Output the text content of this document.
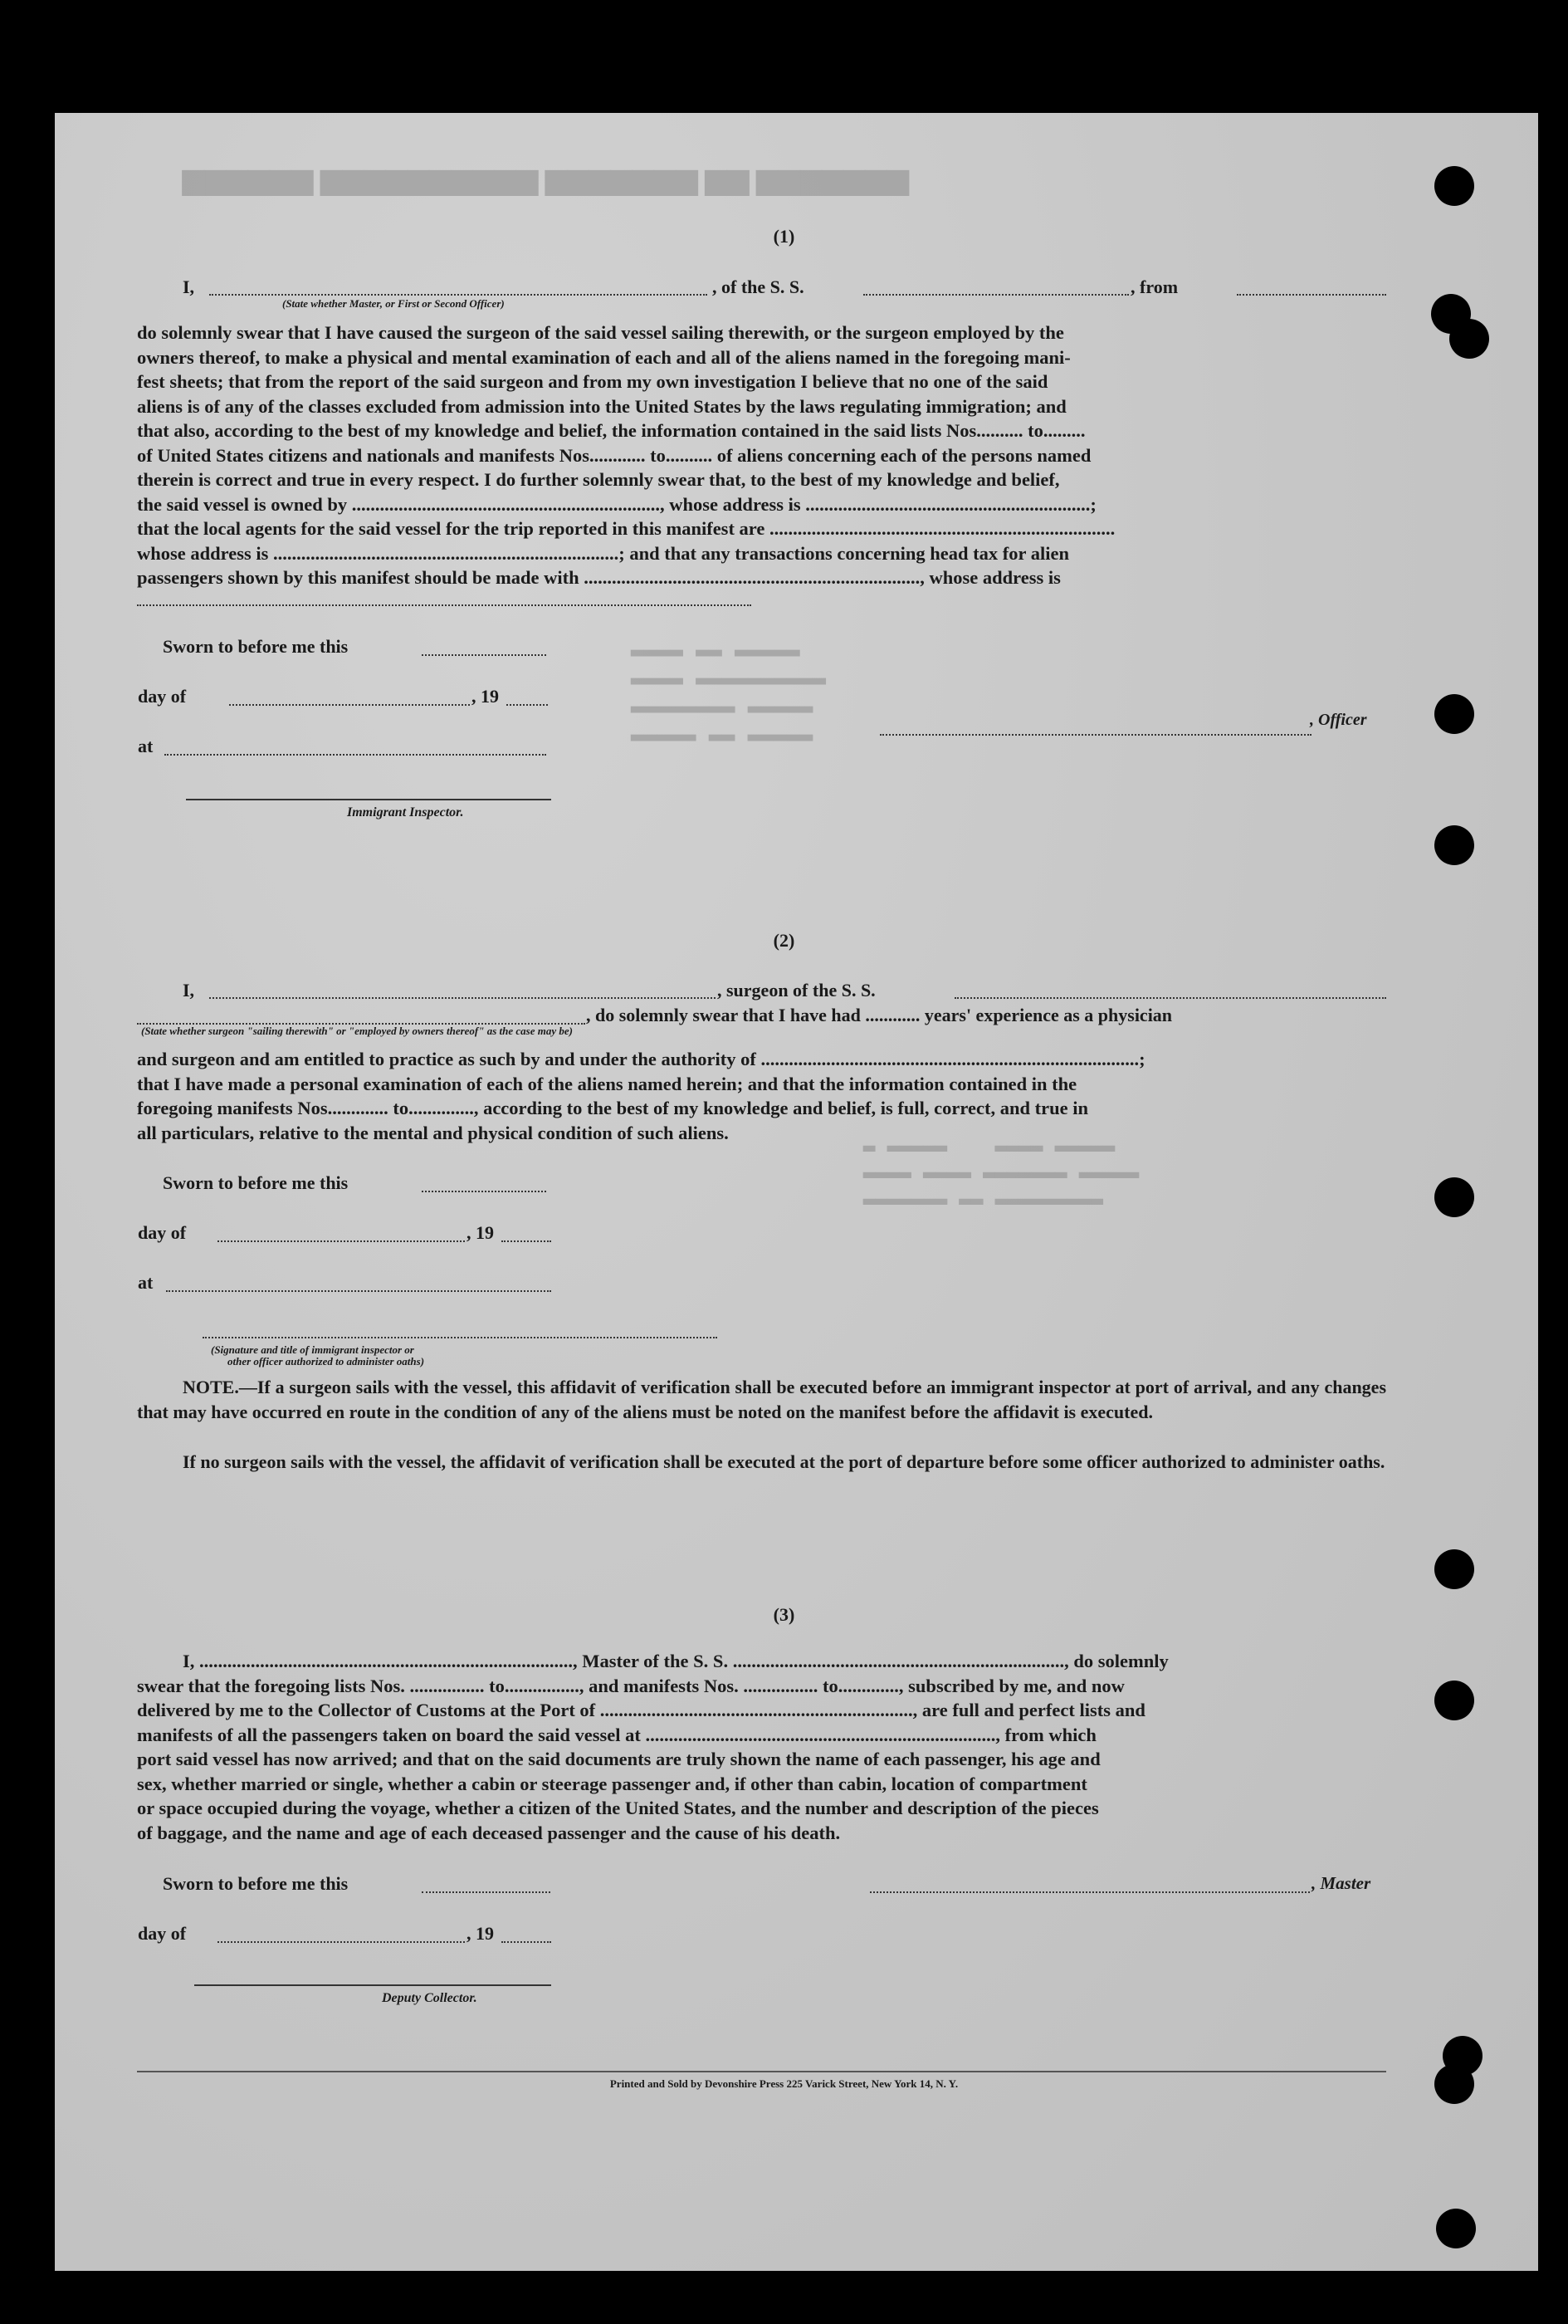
▆▆▆▆▆▆▆ ▆▆ ▆▆▆▆▆▆▆ ▆▆▆▆▆▆▆▆▆▆ ▆▆▆▆▆▆
▂▂▂▂ ▂▂ ▂▂▂▂▂
▂▂▂▂ ▂▂▂▂▂▂▂▂▂▂
▂▂▂▂▂▂▂▂ ▂▂▂▂▂
▂▂▂▂▂ ▂▂ ▂▂▂▂▂
▂ ▂▂▂▂▂    ▂▂▂▂ ▂▂▂▂▂
▂▂▂▂ ▂▂▂▂ ▂▂▂▂▂▂▂ ▂▂▂▂▂
▂▂▂▂▂▂▂ ▂▂ ▂▂▂▂▂▂▂▂▂
(1)
I,	, of the S. S.	, from
(State whether Master, or First or Second Officer)
do solemnly swear that I have caused the surgeon of the said vessel sailing therewith, or the surgeon employed by the
owners thereof, to make a physical and mental examination of each and all of the aliens named in the foregoing mani-
fest sheets; that from the report of the said surgeon and from my own investigation I believe that no one of the said
aliens is of any of the classes excluded from admission into the United States by the laws regulating immigration; and
that also, according to the best of my knowledge and belief, the information contained in the said lists Nos.......... to.........
of United States citizens and nationals and manifests Nos............ to.......... of aliens concerning each of the persons named
therein is correct and true in every respect. I do further solemnly swear that, to the best of my knowledge and belief,
the said vessel is owned by .................................................................., whose address is .............................................................;
that the local agents for the said vessel for the trip reported in this manifest are ..........................................................................
whose address is ..........................................................................; and that any transactions concerning head tax for alien
passengers shown by this manifest should be made with ........................................................................, whose address is
Sworn to before me this
day of	, 19
at
, Officer
Immigrant Inspector.
(2)
I,	, surgeon of the S. S.
, do solemnly swear that I have had ............ years' experience as a physician
(State whether surgeon "sailing therewith" or "employed by owners thereof" as the case may be)
and surgeon and am entitled to practice as such by and under the authority of .................................................................................;
that I have made a personal examination of each of the aliens named herein; and that the information contained in the
foregoing manifests Nos............. to.............., according to the best of my knowledge and belief, is full, correct, and true in
all particulars, relative to the mental and physical condition of such aliens.
Sworn to before me this
day of	, 19
at
(Signature and title of immigrant inspector or
other officer authorized to administer oaths)
NOTE.—If a surgeon sails with the vessel, this affidavit of verification shall be executed before an immigrant inspector at port of arrival, and any changes that may have occurred en route in the condition of any of the aliens must be noted on the manifest before the affidavit is executed.
If no surgeon sails with the vessel, the affidavit of verification shall be executed at the port of departure before some officer authorized to administer oaths.
(3)
I, ................................................................................, Master of the S. S. ......................................................................., do solemnly
swear that the foregoing lists Nos. ................ to................, and manifests Nos. ................ to............., subscribed by me, and now
delivered by me to the Collector of Customs at the Port of ..................................................................., are full and perfect lists and
manifests of all the passengers taken on board the said vessel at ..........................................................................., from which
port said vessel has now arrived; and that on the said documents are truly shown the name of each passenger, his age and
sex, whether married or single, whether a cabin or steerage passenger and, if other than cabin, location of compartment
or space occupied during the voyage, whether a citizen of the United States, and the number and description of the pieces
of baggage, and the name and age of each deceased passenger and the cause of his death.
Sworn to before me this	, Master
day of	, 19
Deputy Collector.
Printed and Sold by Devonshire Press 225 Varick Street, New York 14, N. Y.
